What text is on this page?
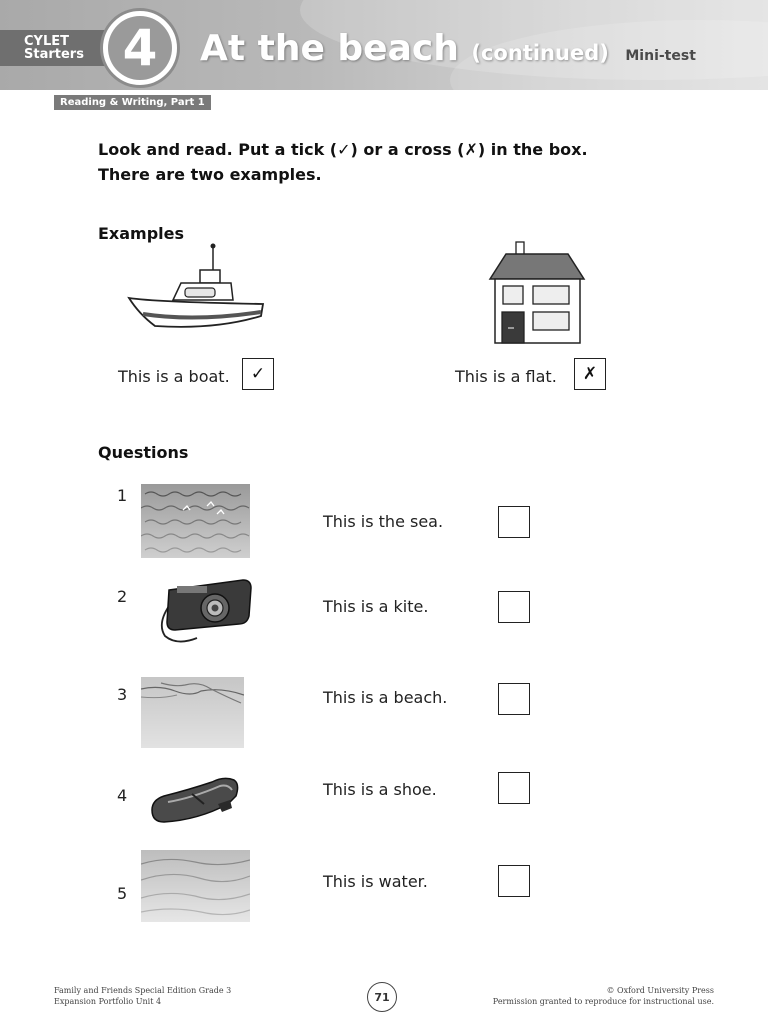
CYLET
Starters 4	At the beach (continued) Mini-test
Reading & Writing, Part 1
Look and read. Put a tick (✓) or a cross (✗) in the box.
There are two examples.
Examples
This is a boat.	✓	This is a flat.	✗
Questions
1
This is the sea.
2
This is a kite.
3	This is a beach.
4	This is a shoe.
5
This is water.
Family and Friends Special Edition Grade 3
Expansion Portfolio Unit 4	71	© Oxford University Press
Permission granted to reproduce for instructional use.
